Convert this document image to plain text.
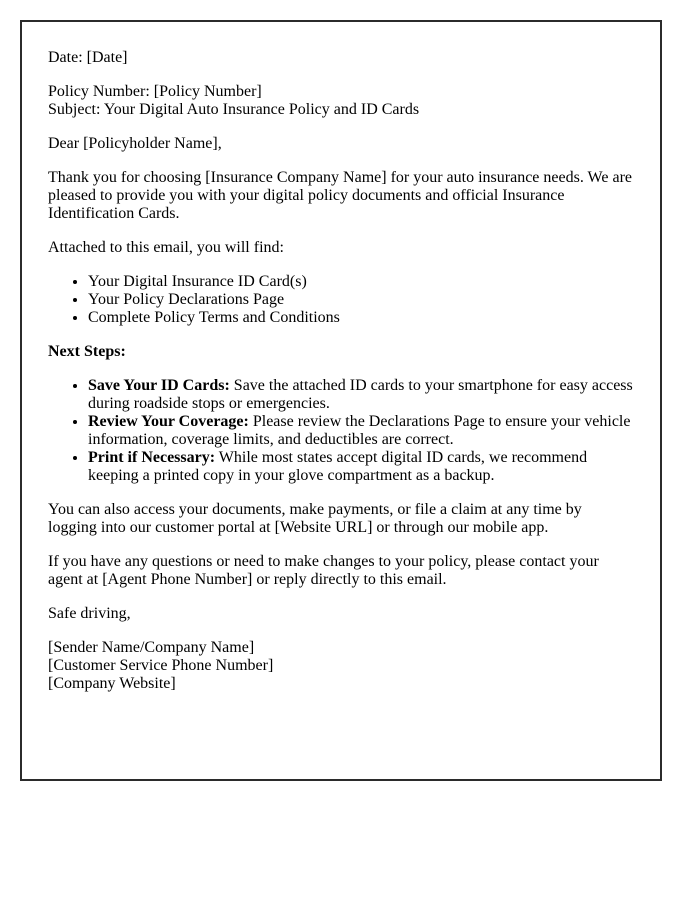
Date: [Date]

Policy Number: [Policy Number]
Subject: Your Digital Auto Insurance Policy and ID Cards

Dear [Policyholder Name],

Thank you for choosing [Insurance Company Name] for your auto insurance needs. We are pleased to provide you with your digital policy documents and official Insurance Identification Cards.

Attached to this email, you will find:

• Your Digital Insurance ID Card(s)
• Your Policy Declarations Page
• Complete Policy Terms and Conditions

Next Steps:

• Save Your ID Cards: Save the attached ID cards to your smartphone for easy access during roadside stops or emergencies.
• Review Your Coverage: Please review the Declarations Page to ensure your vehicle information, coverage limits, and deductibles are correct.
• Print if Necessary: While most states accept digital ID cards, we recommend keeping a printed copy in your glove compartment as a backup.

You can also access your documents, make payments, or file a claim at any time by logging into our customer portal at [Website URL] or through our mobile app.

If you have any questions or need to make changes to your policy, please contact your agent at [Agent Phone Number] or reply directly to this email.

Safe driving,

[Sender Name/Company Name]
[Customer Service Phone Number]
[Company Website]
